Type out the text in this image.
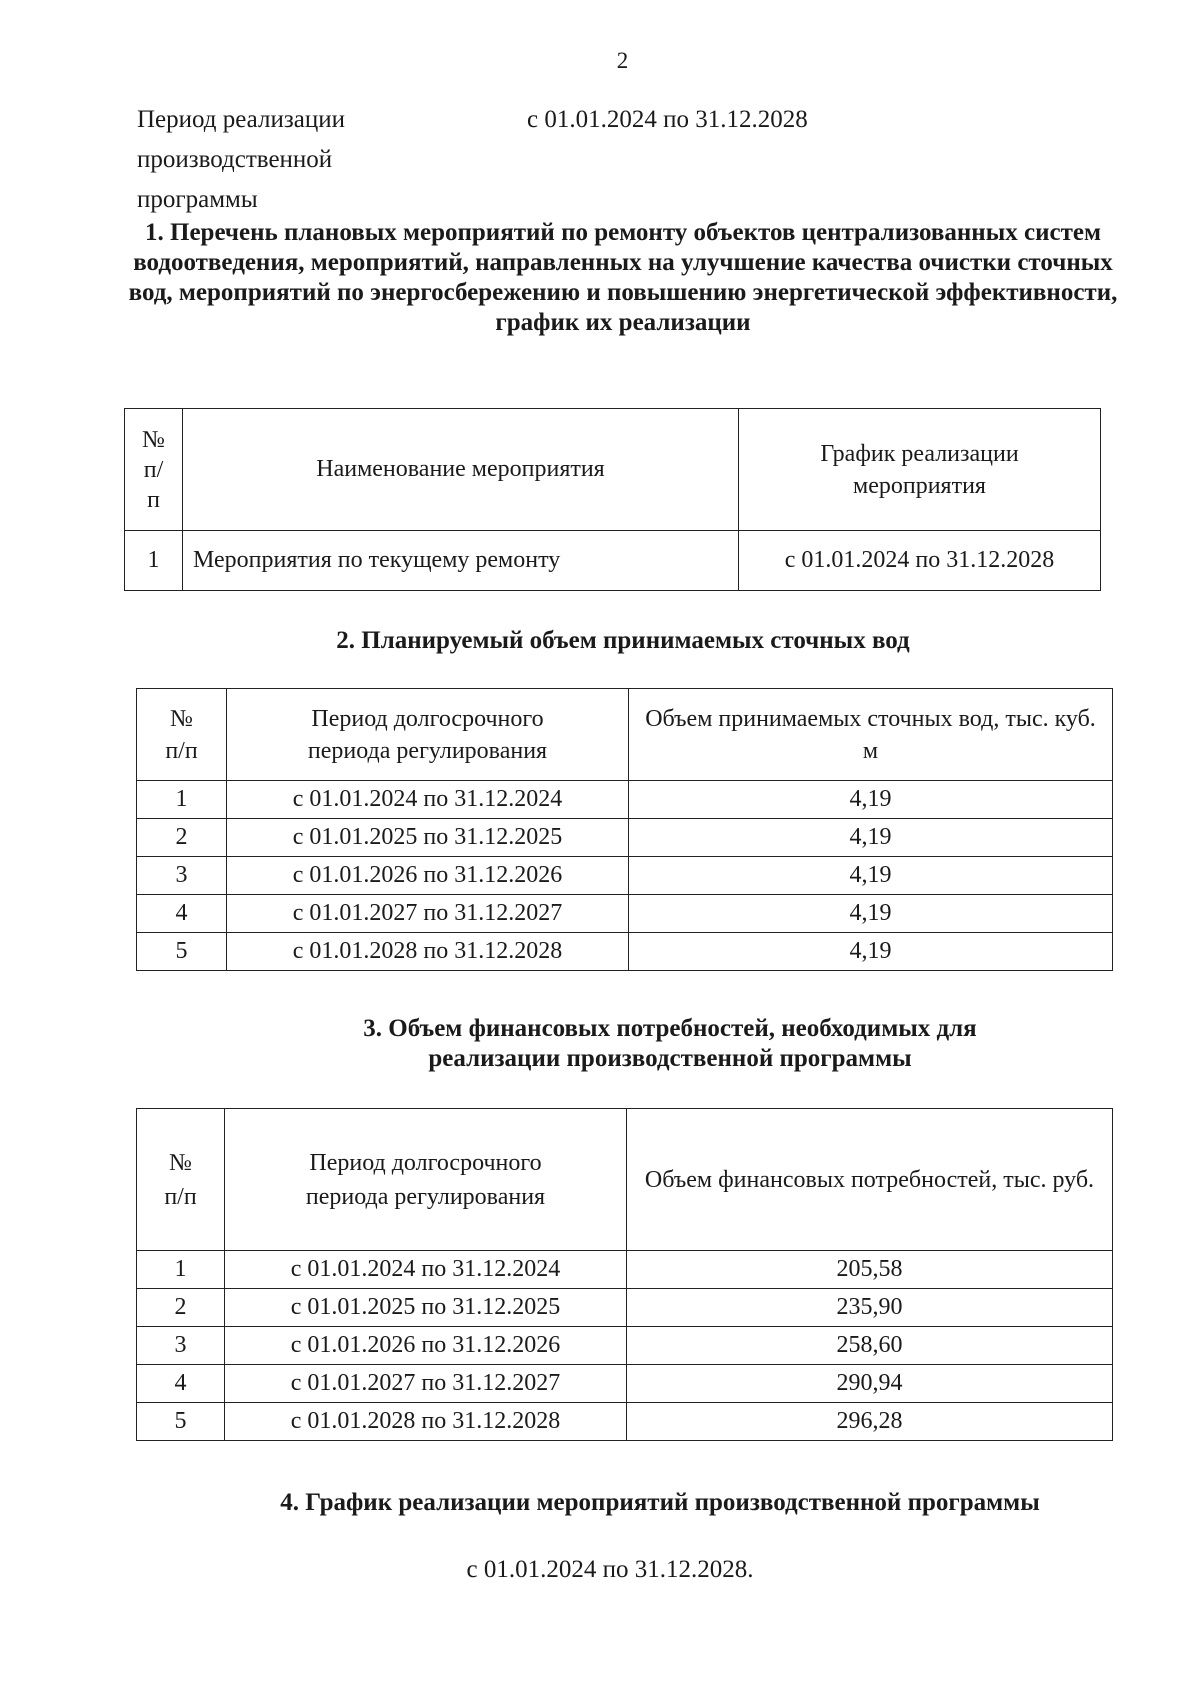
2
Период реализации производственной программы
с 01.01.2024 по 31.12.2028
1. Перечень плановых мероприятий по ремонту объектов централизованных систем водоотведения, мероприятий, направленных на улучшение качества очистки сточных вод, мероприятий по энергосбережению и повышению энергетической эффективности, график их реализации
№ п/ п	Наименование мероприятия	График реализации мероприятия
1	Мероприятия по текущему ремонту	с 01.01.2024 по 31.12.2028
2. Планируемый объем принимаемых сточных вод
№ п/п	Период долгосрочного периода регулирования	Объем принимаемых сточных вод, тыс. куб. м
1	с 01.01.2024 по 31.12.2024	4,19
2	с 01.01.2025 по 31.12.2025	4,19
3	с 01.01.2026 по 31.12.2026	4,19
4	с 01.01.2027 по 31.12.2027	4,19
5	с 01.01.2028 по 31.12.2028	4,19
3. Объем финансовых потребностей, необходимых для реализации производственной программы
№ п/п	Период долгосрочного периода регулирования	Объем финансовых потребностей, тыс. руб.
1	с 01.01.2024 по 31.12.2024	205,58
2	с 01.01.2025 по 31.12.2025	235,90
3	с 01.01.2026 по 31.12.2026	258,60
4	с 01.01.2027 по 31.12.2027	290,94
5	с 01.01.2028 по 31.12.2028	296,28
4. График реализации мероприятий производственной программы
с 01.01.2024 по 31.12.2028.
